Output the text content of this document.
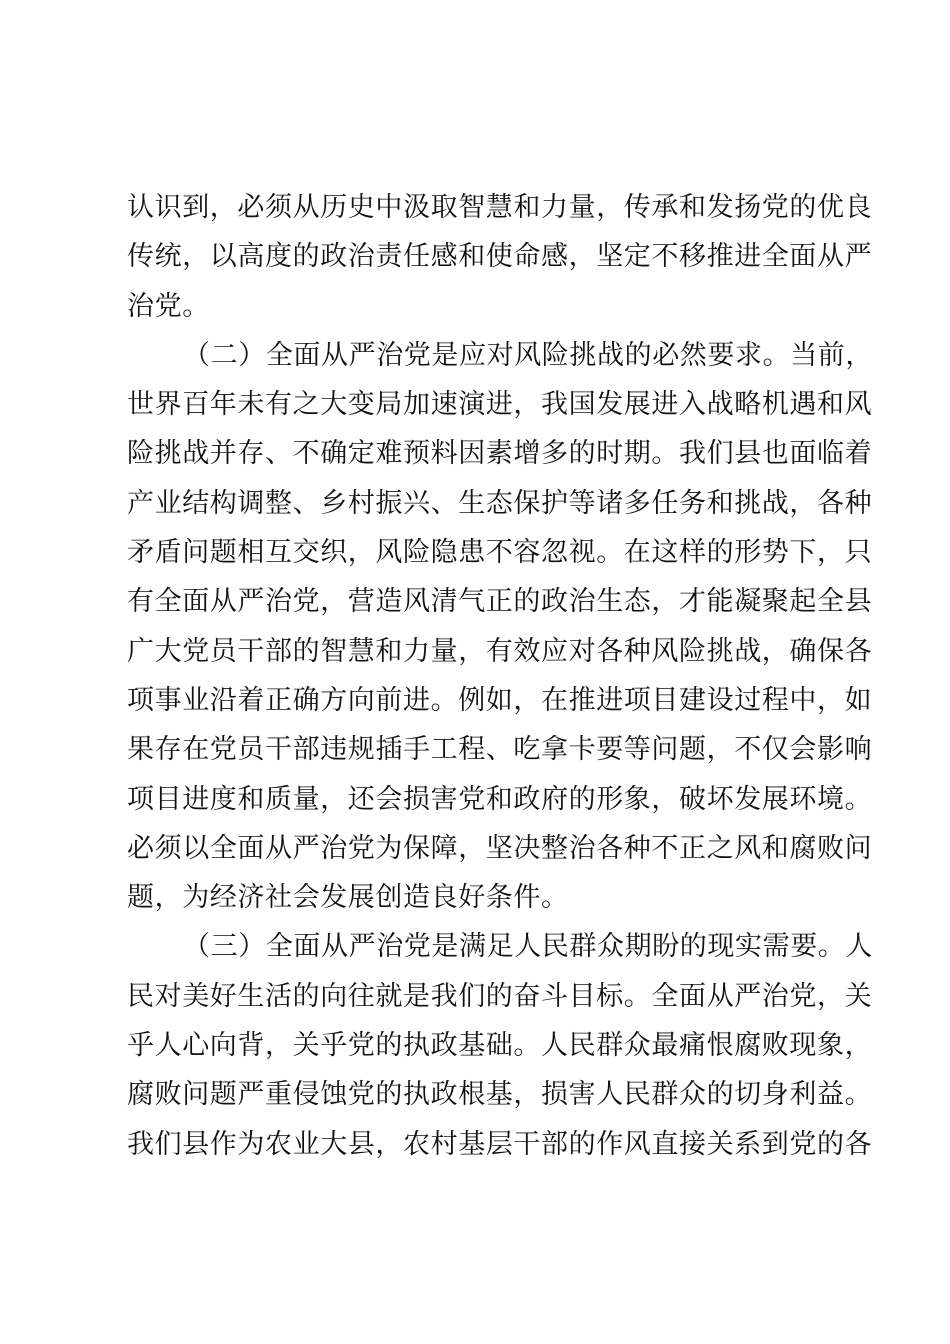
认识到，必须从历史中汲取智慧和力量，传承和发扬党的优良
传统，以高度的政治责任感和使命感，坚定不移推进全面从严
治党。
（二）全面从严治党是应对风险挑战的必然要求。当前，
世界百年未有之大变局加速演进，我国发展进入战略机遇和风
险挑战并存、不确定难预料因素增多的时期。我们县也面临着
产业结构调整、乡村振兴、生态保护等诸多任务和挑战，各种
矛盾问题相互交织，风险隐患不容忽视。在这样的形势下，只
有全面从严治党，营造风清气正的政治生态，才能凝聚起全县
广大党员干部的智慧和力量，有效应对各种风险挑战，确保各
项事业沿着正确方向前进。例如，在推进项目建设过程中，如
果存在党员干部违规插手工程、吃拿卡要等问题，不仅会影响
项目进度和质量，还会损害党和政府的形象，破坏发展环境。
必须以全面从严治党为保障，坚决整治各种不正之风和腐败问
题，为经济社会发展创造良好条件。
（三）全面从严治党是满足人民群众期盼的现实需要。人
民对美好生活的向往就是我们的奋斗目标。全面从严治党，关
乎人心向背，关乎党的执政基础。人民群众最痛恨腐败现象，
腐败问题严重侵蚀党的执政根基，损害人民群众的切身利益。
我们县作为农业大县，农村基层干部的作风直接关系到党的各
